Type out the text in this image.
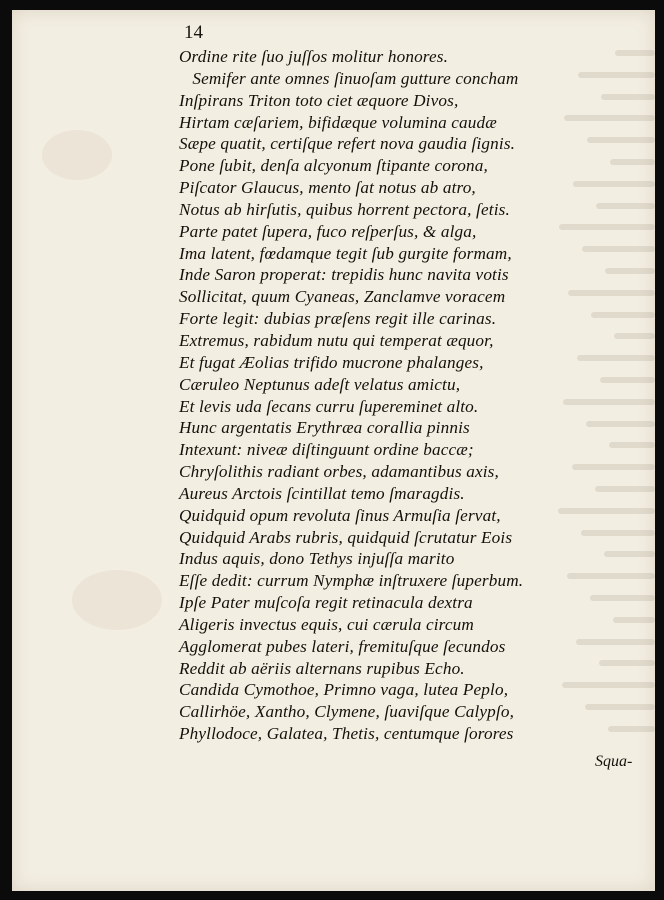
14
Ordine rite ſuo juſſos molitur honores.
Semifer ante omnes ſinuoſam gutture concham
Inſpirans Triton toto ciet æquore Divos,
Hirtam cæſariem, bifidæque volumina caudæ
Sæpe quatit, certiſque refert nova gaudia ſignis.
Pone ſubit, denſa alcyonum ſtipante corona,
Piſcator Glaucus, mento ſat notus ab atro,
Notus ab hirſutis, quibus horrent pectora, ſetis.
Parte patet ſupera, fuco reſperſus, & alga,
Ima latent, fœdamque tegit ſub gurgite formam,
Inde Saron properat: trepidis hunc navita votis
Sollicitat, quum Cyaneas, Zanclamve voracem
Forte legit: dubias præſens regit ille carinas.
Extremus, rabidum nutu qui temperat æquor,
Et fugat Æolias trifido mucrone phalanges,
Cæruleo Neptunus adeſt velatus amictu,
Et levis uda ſecans curru ſupereminet alto.
Hunc argentatis Erythræa corallia pinnis
Intexunt: niveæ diſtinguunt ordine baccæ;
Chryſolithis radiant orbes, adamantibus axis,
Aureus Arctois ſcintillat temo ſmaragdis.
Quidquid opum revoluta ſinus Armuſia ſervat,
Quidquid Arabs rubris, quidquid ſcrutatur Eois
Indus aquis, dono Tethys injuſſa marito
Eſſe dedit: currum Nymphæ inſtruxere ſuperbum.
Ipſe Pater muſcoſa regit retinacula dextra
Aligeris invectus equis, cui cærula circum
Agglomerat pubes lateri, fremituſque ſecundos
Reddit ab aëriis alternans rupibus Echo.
Candida Cymothoe, Primno vaga, lutea Peplo,
Callirhöe, Xantho, Clymene, ſuaviſque Calypſo,
Phyllodoce, Galatea, Thetis, centumque ſorores
Squa-
